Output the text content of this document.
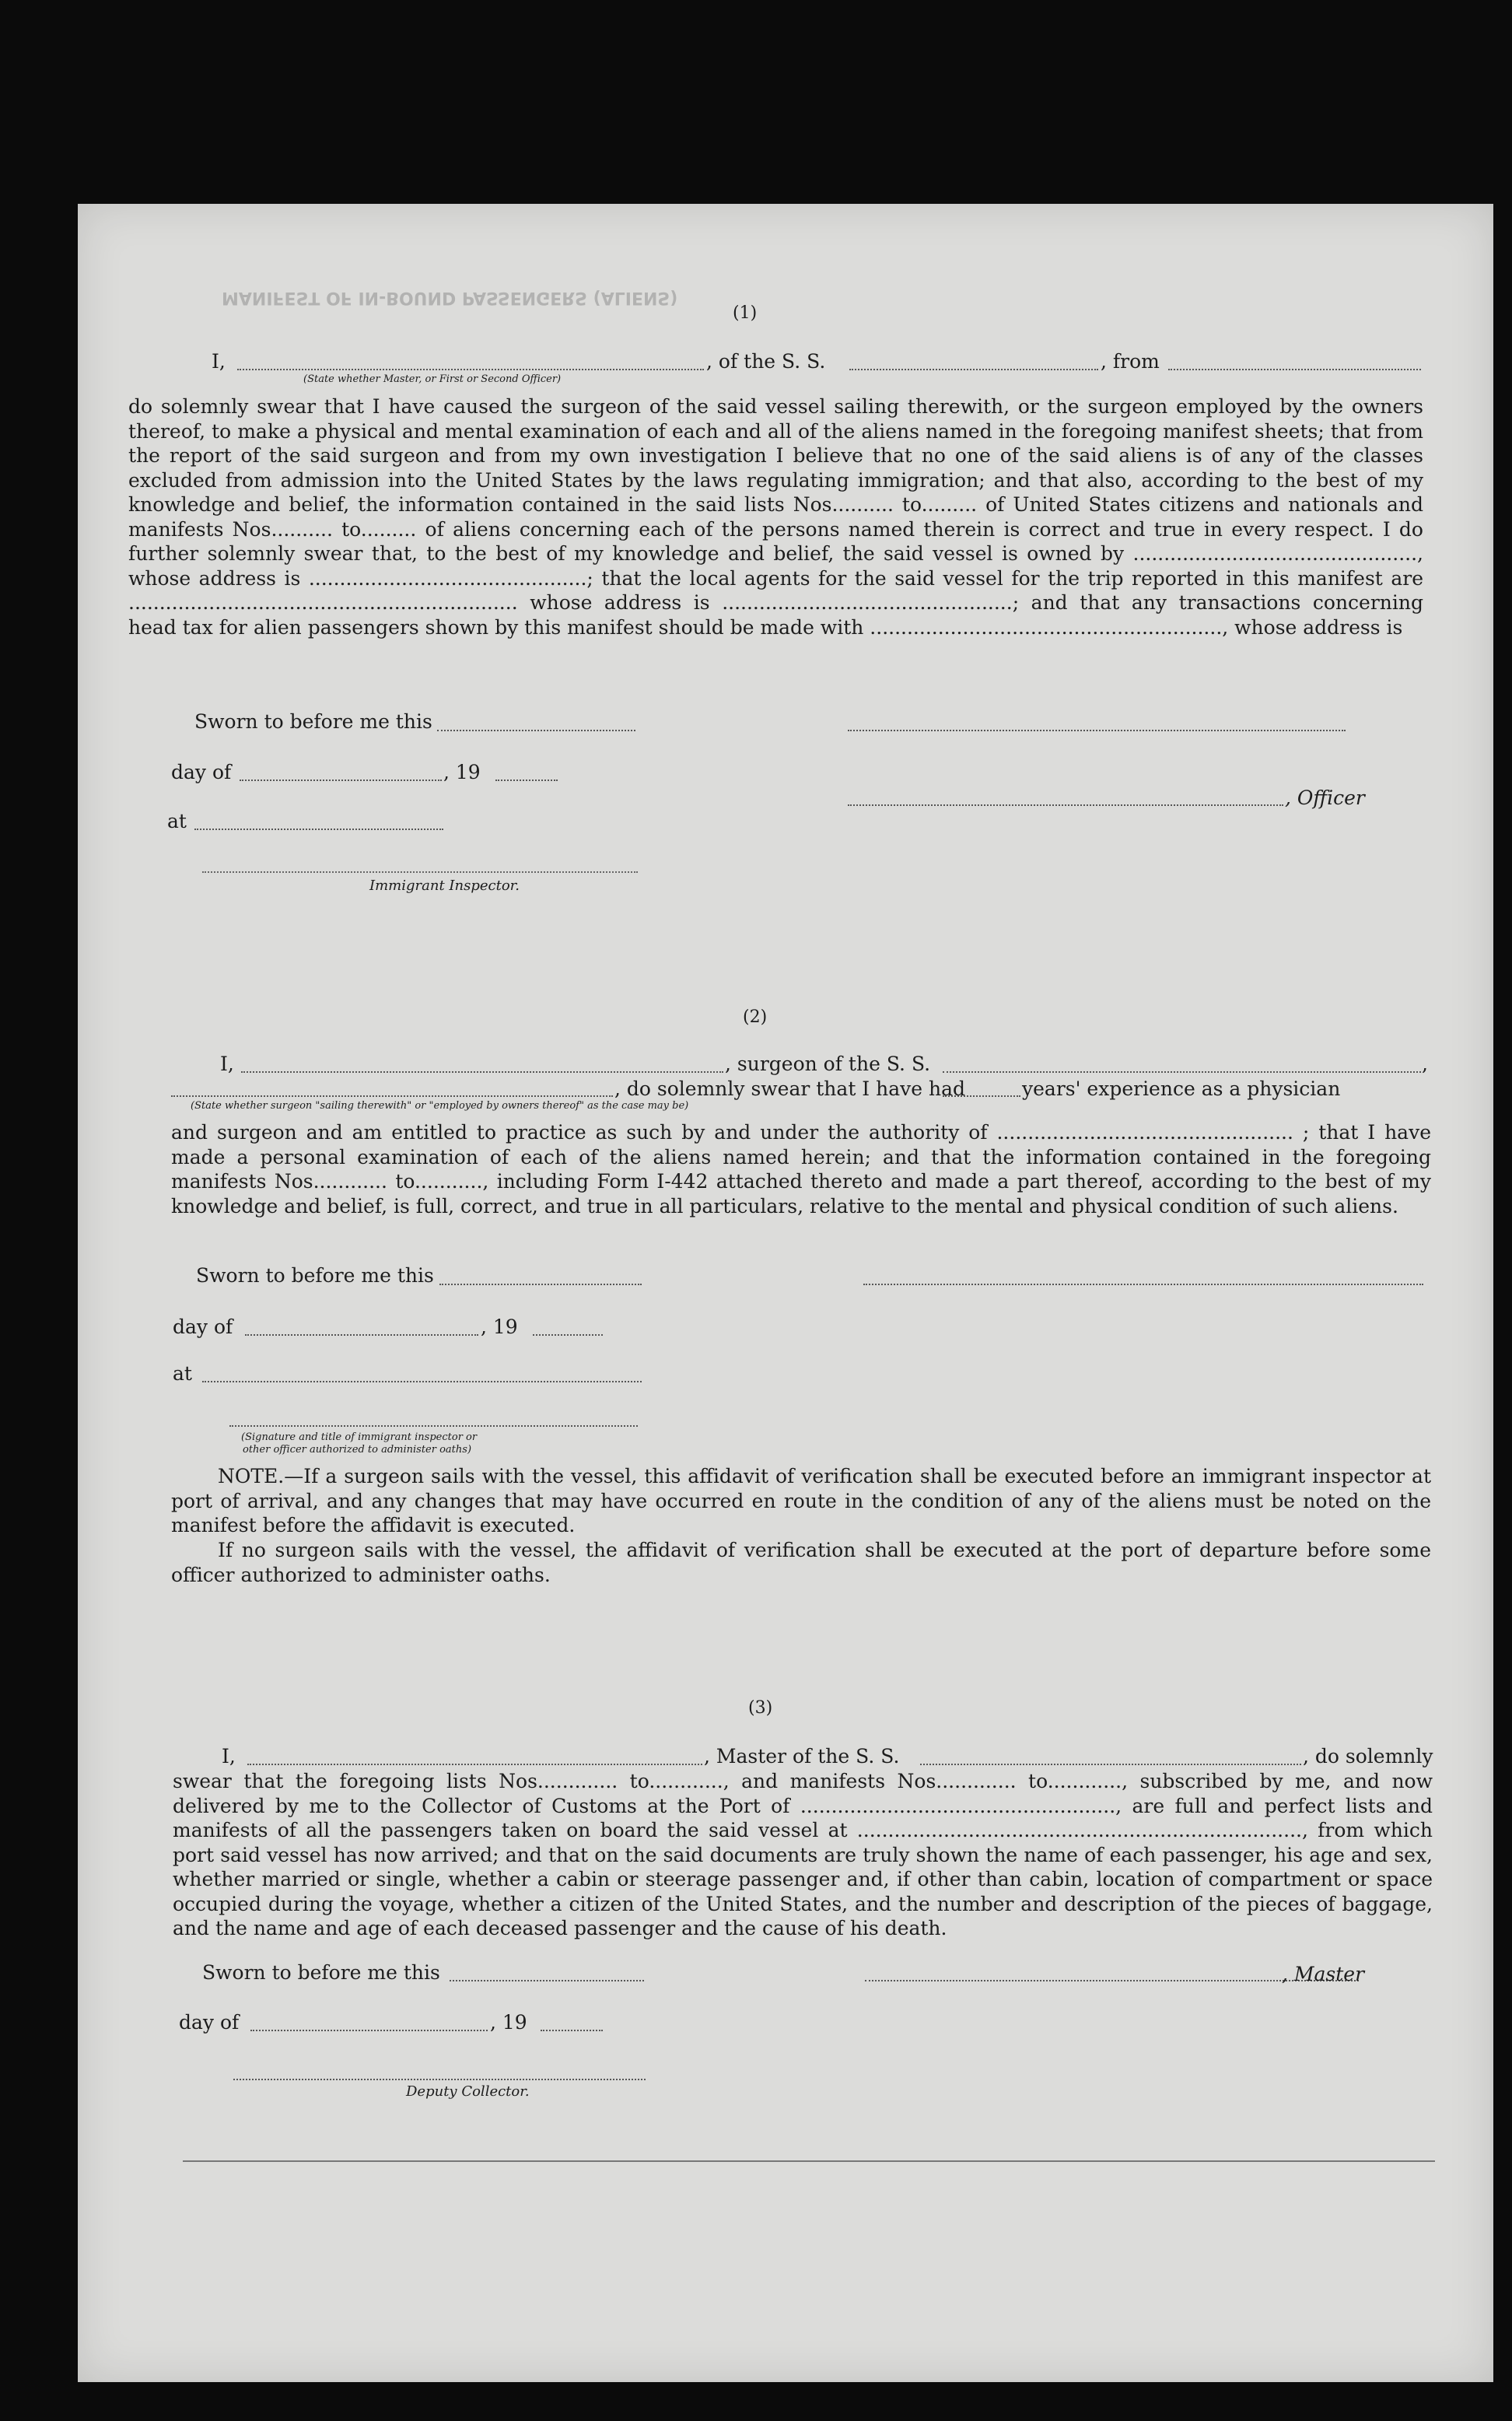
MANIFEST OF IN-BOUND PASSENGERS (ALIENS)
(1)
I,
(State whether Master, or First or Second Officer)
, of the S. S.	, from
do solemnly swear that I have caused the surgeon of the said vessel sailing therewith, or the surgeon employed by the owners thereof, to make a physical and mental examination of each and all of the aliens named in the foregoing manifest sheets; that from the report of the said surgeon and from my own investigation I believe that no one of the said aliens is of any of the classes excluded from admission into the United States by the laws regulating immigration; and that also, according to the best of my knowledge and belief, the information contained in the said lists Nos.......... to......... of United States citizens and nationals and manifests Nos.......... to......... of aliens concerning each of the persons named therein is correct and true in every respect. I do further solemnly swear that, to the best of my knowledge and belief, the said vessel is owned by .............................................., whose address is .............................................; that the local agents for the said vessel for the trip reported in this manifest are ............................................................... whose address is ...............................................; and that any transactions concerning head tax for alien passengers shown by this manifest should be made with ........................................................., whose address is
Sworn to before me this
day of	, 19
, Officer
at
Immigrant Inspector.
(2)
I,	, surgeon of the S. S.	,
, do solemnly swear that I have had	years' experience as a physician
(State whether surgeon "sailing therewith" or "employed by owners thereof" as the case may be)
and surgeon and am entitled to practice as such by and under the authority of ................................................ ; that I have made a personal examination of each of the aliens named herein; and that the information contained in the foregoing manifests Nos............ to..........., including Form I-442 attached thereto and made a part thereof, according to the best of my knowledge and belief, is full, correct, and true in all particulars, relative to the mental and physical condition of such aliens.
Sworn to before me this
day of	, 19
at
(Signature and title of immigrant inspector or
other officer authorized to administer oaths)
NOTE.—If a surgeon sails with the vessel, this affidavit of verification shall be executed before an immigrant inspector at port of arrival, and any changes that may have occurred en route in the condition of any of the aliens must be noted on the manifest before the affidavit is executed.
If no surgeon sails with the vessel, the affidavit of verification shall be executed at the port of departure before some officer authorized to administer oaths.
(3)
I,	, Master of the S. S.	, do solemnly
swear that the foregoing lists Nos............. to............, and manifests Nos............. to............, subscribed by me, and now delivered by me to the Collector of Customs at the Port of ..................................................., are full and perfect lists and manifests of all the passengers taken on board the said vessel at ........................................................................, from which port said vessel has now arrived; and that on the said documents are truly shown the name of each passenger, his age and sex, whether married or single, whether a cabin or steerage passenger and, if other than cabin, location of compartment or space occupied during the voyage, whether a citizen of the United States, and the number and description of the pieces of baggage, and the name and age of each deceased passenger and the cause of his death.
Sworn to before me this	, Master
day of	, 19
Deputy Collector.
